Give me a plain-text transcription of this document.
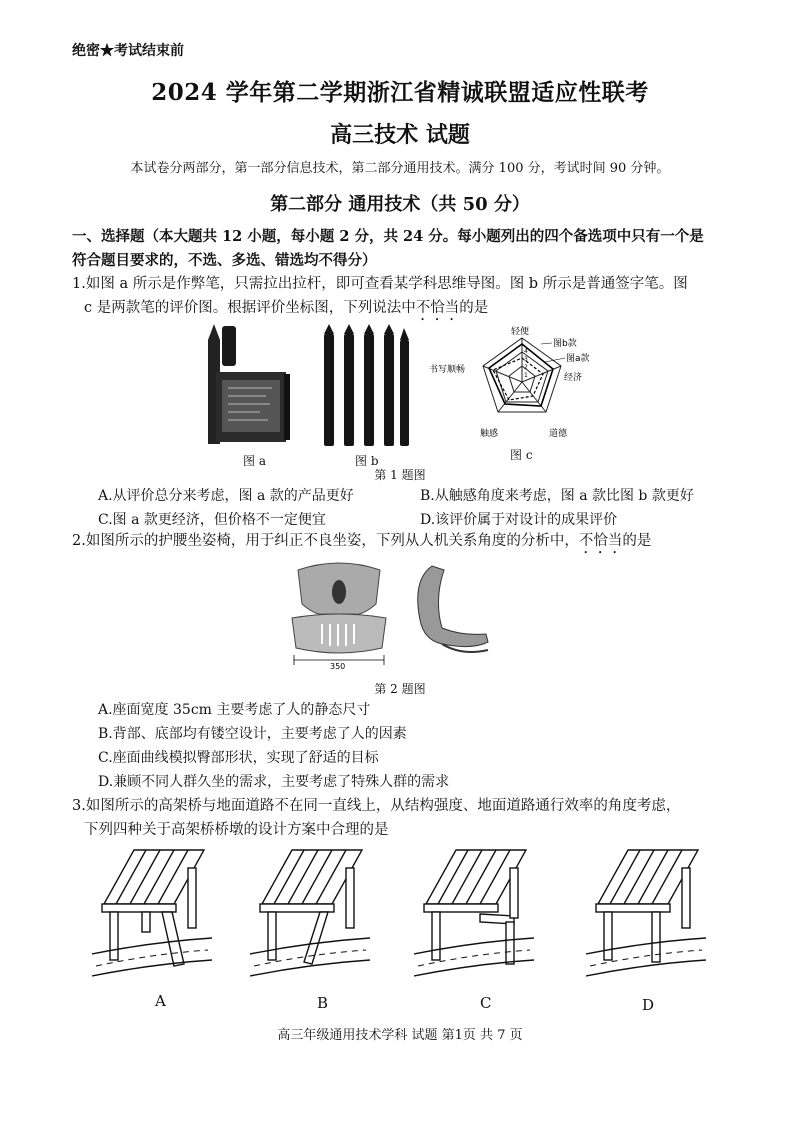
绝密★考试结束前
2024 学年第二学期浙江省精诚联盟适应性联考
高三技术 试题
本试卷分两部分，第一部分信息技术，第二部分通用技术。满分 100 分，考试时间 90 分钟。
第二部分 通用技术（共 50 分）
一、选择题（本大题共 12 小题，每小题 2 分，共 24 分。每小题列出的四个备选项中只有一个是
符合题目要求的，不选、多选、错选均不得分）
1.如图 a 所示是作弊笔，只需拉出拉杆，即可查看某学科思维导图。图 b 所示是普通签字笔。图
c 是两款笔的评价图。根据评价坐标图，下列说法中不恰当的是
图 a	图 b
轻便
经济
道德
触感
书写顺畅
图b款
图a款
1
2
3
4
图 c
第 1 题图
A.从评价总分来考虑，图 a 款的产品更好	B.从触感角度来考虑，图 a 款比图 b 款更好
C.图 a 款更经济，但价格不一定便宜	D.该评价属于对设计的成果评价
2.如图所示的护腰坐姿椅，用于纠正不良坐姿，下列从人机关系角度的分析中，不恰当的是
350
第 2 题图
A.座面宽度 35cm 主要考虑了人的静态尺寸
B.背部、底部均有镂空设计，主要考虑了人的因素
C.座面曲线模拟臀部形状，实现了舒适的目标
D.兼顾不同人群久坐的需求，主要考虑了特殊人群的需求
3.如图所示的高架桥与地面道路不在同一直线上，从结构强度、地面道路通行效率的角度考虑，
下列四种关于高架桥桥墩的设计方案中合理的是
A	B	C	D
高三年级通用技术学科 试题 第1页 共 7 页
